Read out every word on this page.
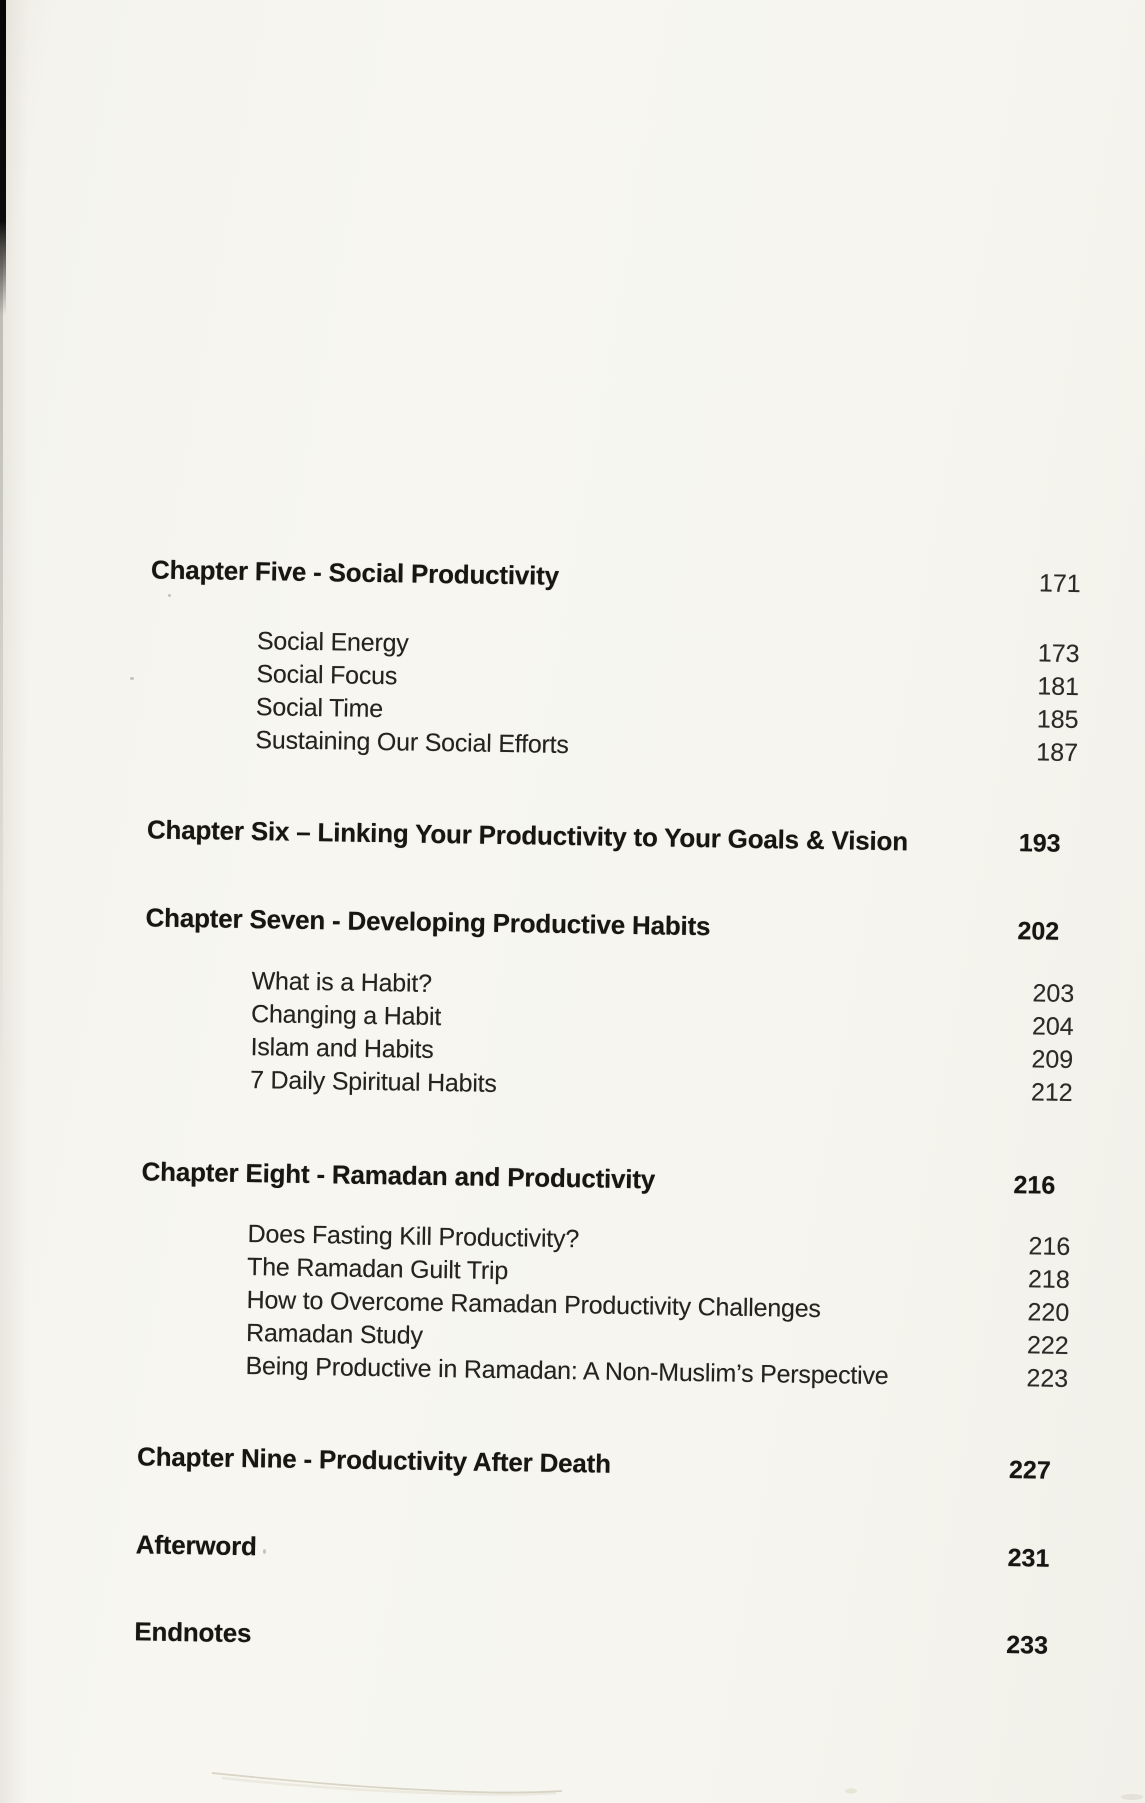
Chapter Five - Social Productivity	171
Social Energy	173
Social Focus	181
Social Time	185
Sustaining Our Social Efforts	187
Chapter Six – Linking Your Productivity to Your Goals & Vision	193
Chapter Seven - Developing Productive Habits	202
What is a Habit?	203
Changing a Habit	204
Islam and Habits	209
7 Daily Spiritual Habits	212
Chapter Eight - Ramadan and Productivity	216
Does Fasting Kill Productivity?	216
The Ramadan Guilt Trip	218
How to Overcome Ramadan Productivity Challenges	220
Ramadan Study	222
Being Productive in Ramadan: A Non-Muslim’s Perspective	223
Chapter Nine - Productivity After Death	227
Afterword	231
Endnotes	233
